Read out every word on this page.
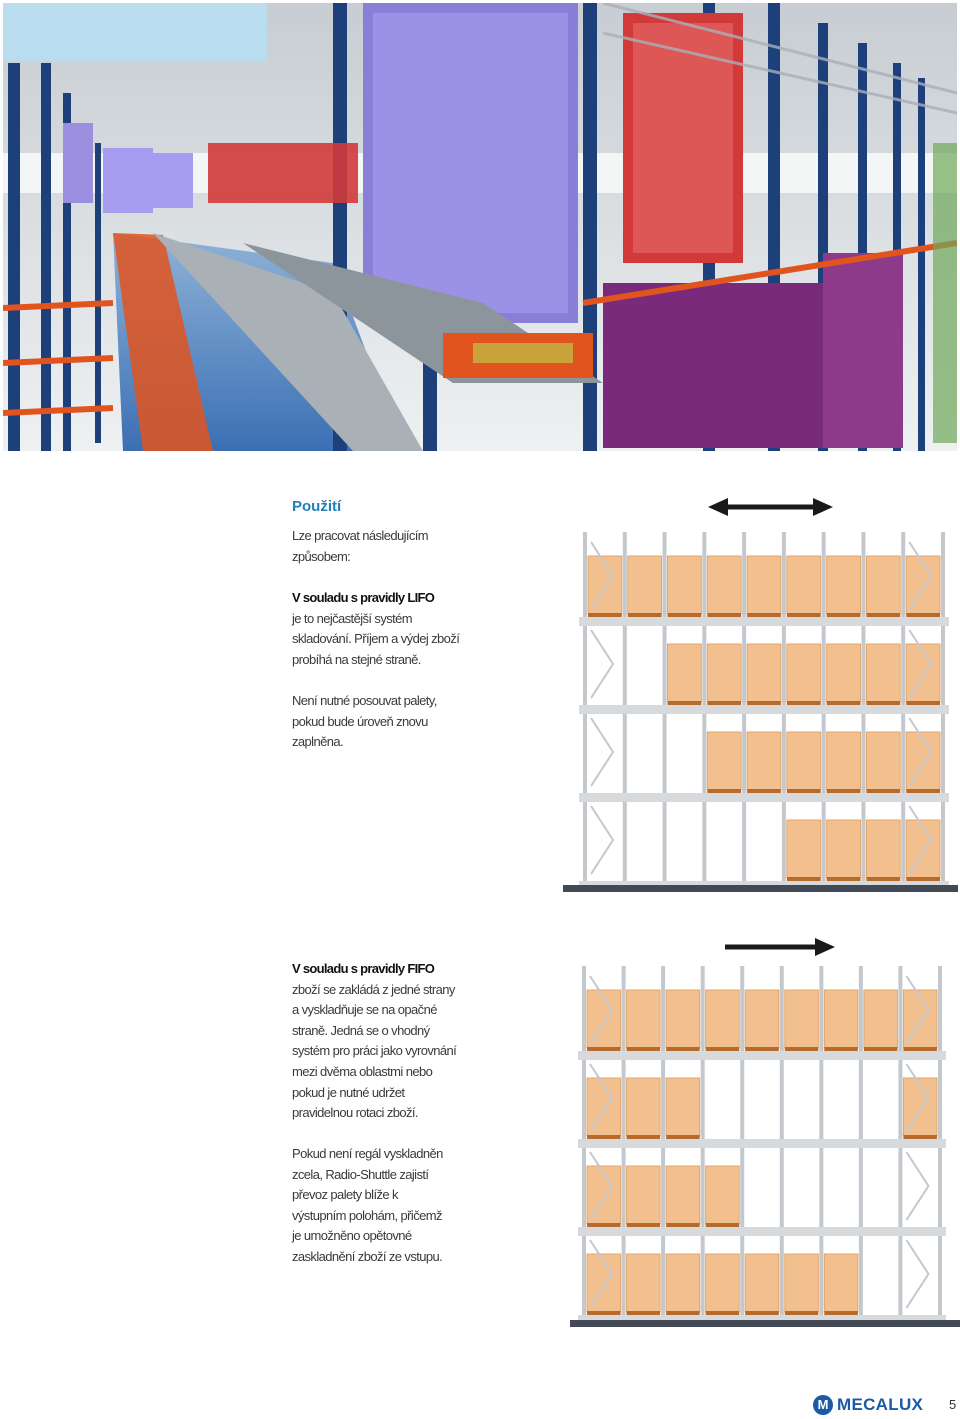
Použití

Lze pracovat následujícím
způsobem:

V souladu s pravidly LIFO
je to nejčastější systém
skladování. Příjem a výdej zboží
probíhá na stejné straně.

Není nutné posouvat palety,
pokud bude úroveň znovu
zaplněna.

V souladu s pravidly FIFO
zboží se zakládá z jedné strany
a vyskladňuje se na opačné
straně. Jedná se o vhodný
systém pro práci jako vyrovnání
mezi dvěma oblastmi nebo
pokud je nutné udržet
pravidelnou rotaci zboží.

Pokud není regál vyskladněn
zcela, Radio-Shuttle zajistí
převoz palety blíže k
výstupním polohám, přičemž
je umožněno opětovné
zaskladnění zboží ze vstupu.

M MECALUX 5
